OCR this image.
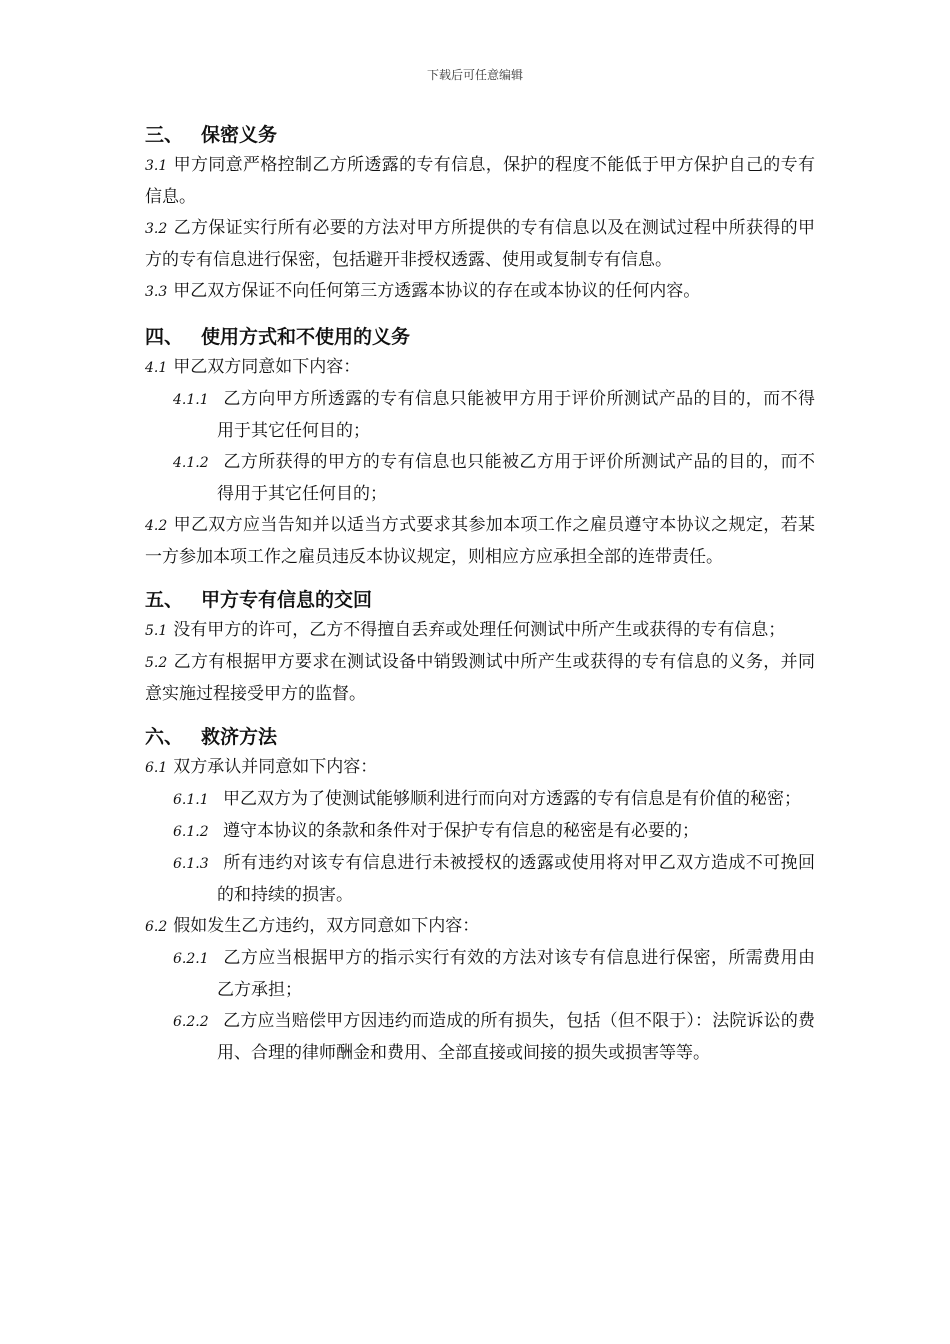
下载后可任意编辑
三、 保密义务

3.1 甲方同意严格控制乙方所透露的专有信息，保护的程度不能低于甲方保护自己的专有信息。

3.2 乙方保证实行所有必要的方法对甲方所提供的专有信息以及在测试过程中所获得的甲方的专有信息进行保密，包括避开非授权透露、使用或复制专有信息。

3.3 甲乙双方保证不向任何第三方透露本协议的存在或本协议的任何内容。

四、 使用方式和不使用的义务

4.1 甲乙双方同意如下内容：

4.1.1 乙方向甲方所透露的专有信息只能被甲方用于评价所测试产品的目的，而不得用于其它任何目的；

4.1.2 乙方所获得的甲方的专有信息也只能被乙方用于评价所测试产品的目的，而不得用于其它任何目的；

4.2 甲乙双方应当告知并以适当方式要求其参加本项工作之雇员遵守本协议之规定，若某一方参加本项工作之雇员违反本协议规定，则相应方应承担全部的连带责任。

五、 甲方专有信息的交回

5.1 没有甲方的许可，乙方不得擅自丢弃或处理任何测试中所产生或获得的专有信息；

5.2 乙方有根据甲方要求在测试设备中销毁测试中所产生或获得的专有信息的义务，并同意实施过程接受甲方的监督。

六、 救济方法

6.1 双方承认并同意如下内容：

6.1.1 甲乙双方为了使测试能够顺利进行而向对方透露的专有信息是有价值的秘密；

6.1.2 遵守本协议的条款和条件对于保护专有信息的秘密是有必要的；

6.1.3 所有违约对该专有信息进行未被授权的透露或使用将对甲乙双方造成不可挽回的和持续的损害。

6.2 假如发生乙方违约，双方同意如下内容：

6.2.1 乙方应当根据甲方的指示实行有效的方法对该专有信息进行保密，所需费用由乙方承担；

6.2.2 乙方应当赔偿甲方因违约而造成的所有损失，包括（但不限于）：法院诉讼的费用、合理的律师酬金和费用、全部直接或间接的损失或损害等等。
